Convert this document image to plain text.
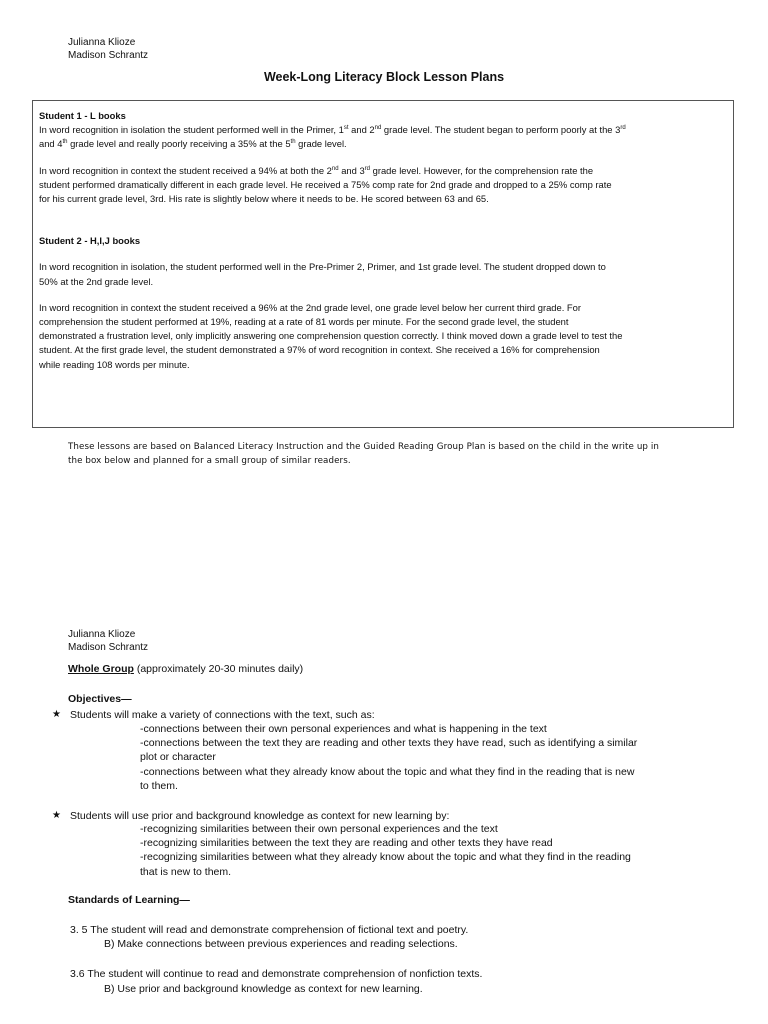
Julianna Klioze
Madison Schrantz
Week-Long Literacy Block Lesson Plans

Student 1 - L books

In word recognition in isolation the student performed well in the Primer, 1st and 2nd grade level. The student began to perform poorly at the 3rd
and 4th grade level and really poorly receiving a 35% at the 5th grade level.

In word recognition in context the student received a 94% at both the 2nd and 3rd grade level. However, for the comprehension rate the
student performed dramatically different in each grade level. He received a 75% comp rate for 2nd grade and dropped to a 25% comp rate
for his current grade level, 3rd. His rate is slightly below where it needs to be. He scored between 63 and 65.

Student 2 - H,I,J books

In word recognition in isolation, the student performed well in the Pre-Primer 2, Primer, and 1st grade level. The student dropped down to
50% at the 2nd grade level.

In word recognition in context the student received a 96% at the 2nd grade level, one grade level below her current third grade. For
comprehension the student performed at 19%, reading at a rate of 81 words per minute. For the second grade level, the student
demonstrated a frustration level, only implicitly answering one comprehension question correctly. I think moved down a grade level to test the
student. At the first grade level, the student demonstrated a 97% of word recognition in context. She received a 16% for comprehension
while reading 108 words per minute.

These lessons are based on Balanced Literacy Instruction and the Guided Reading Group Plan is based on the child in the write up in
the box below and planned for a small group of similar readers.
Julianna Klioze
Madison Schrantz
Whole Group (approximately 20-30 minutes daily)
Objectives—
★ Students will make a variety of connections with the text, such as:
-connections between their own personal experiences and what is happening in the text
-connections between the text they are reading and other texts they have read, such as identifying a similar
plot or character
-connections between what they already know about the topic and what they find in the reading that is new
to them.
★ Students will use prior and background knowledge as context for new learning by:
-recognizing similarities between their own personal experiences and the text
-recognizing similarities between the text they are reading and other texts they have read
-recognizing similarities between what they already know about the topic and what they find in the reading
that is new to them.
Standards of Learning—
3. 5 The student will read and demonstrate comprehension of fictional text and poetry.
B) Make connections between previous experiences and reading selections.
3.6 The student will continue to read and demonstrate comprehension of nonfiction texts.
B) Use prior and background knowledge as context for new learning.
